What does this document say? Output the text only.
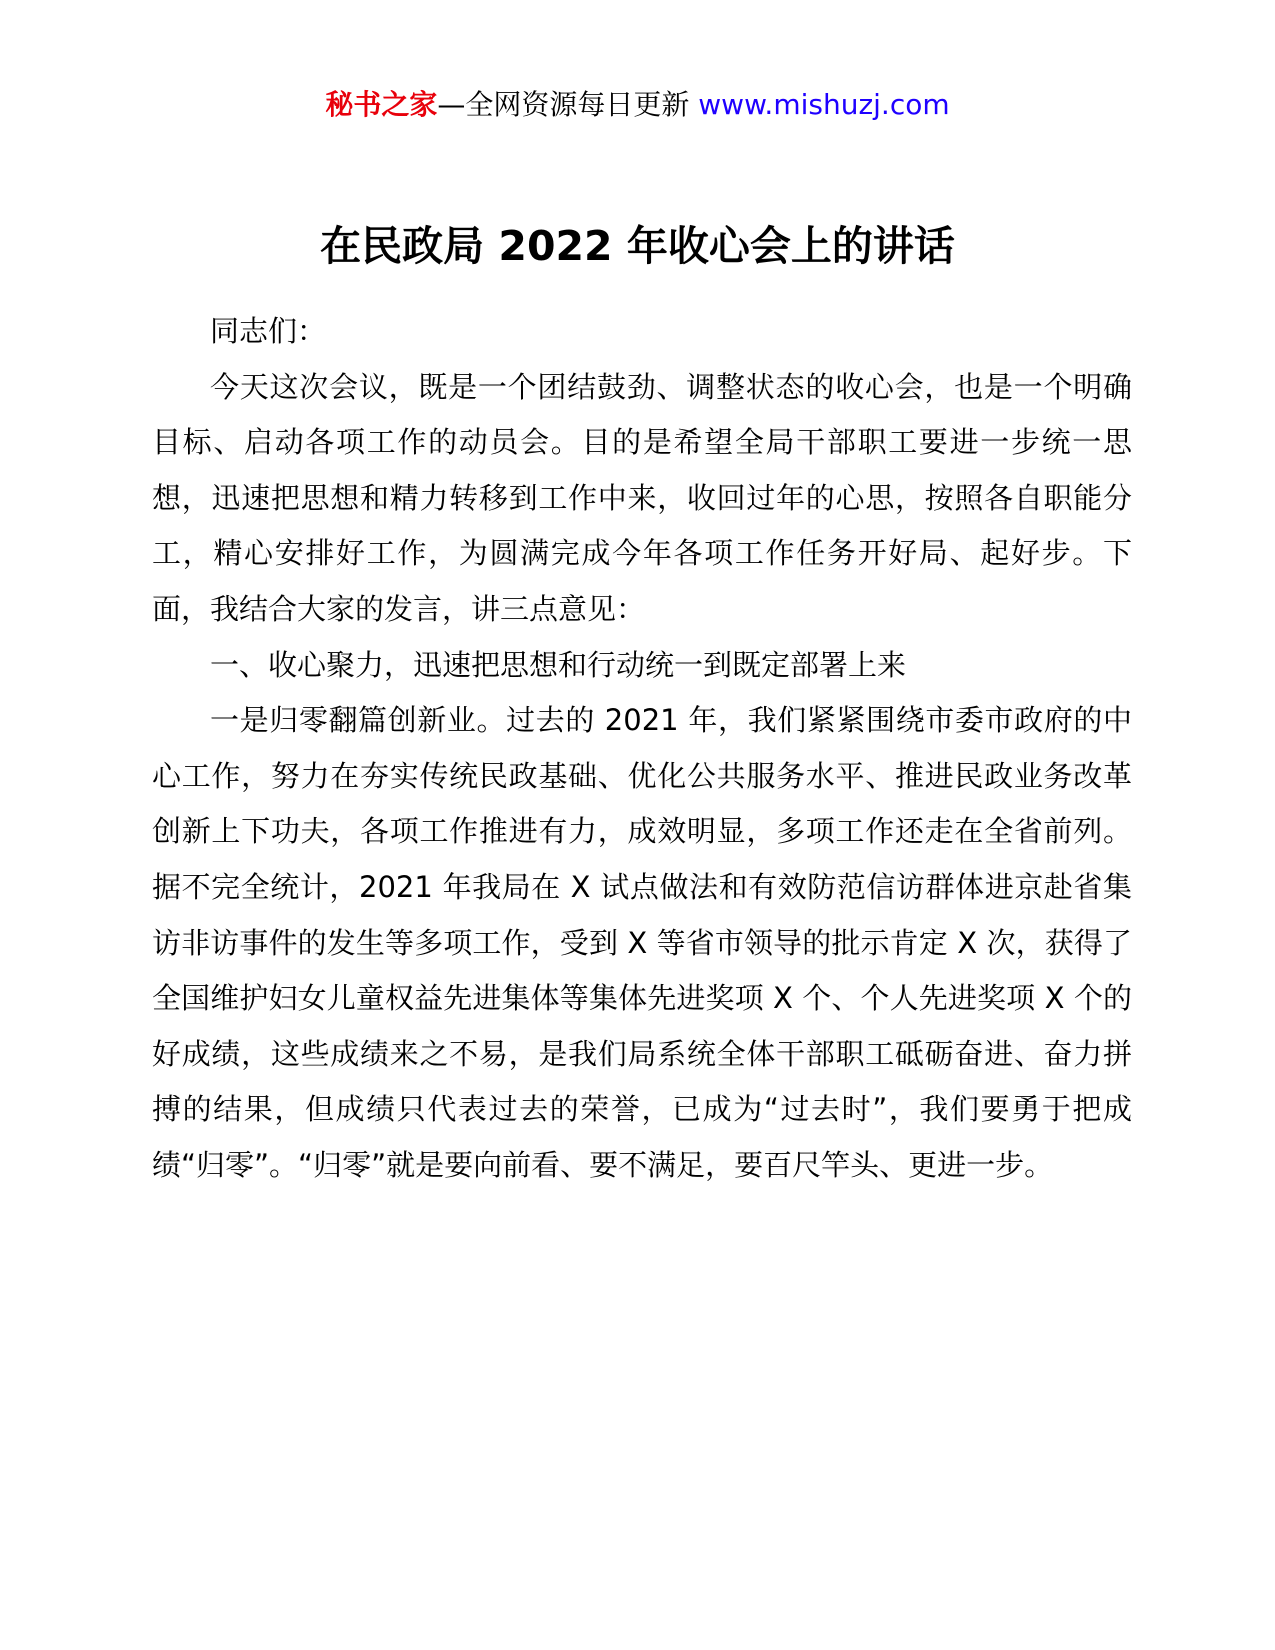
秘书之家—全网资源每日更新 www.mishuzj.com
在民政局 2022 年收心会上的讲话

同志们：

今天这次会议，既是一个团结鼓劲、调整状态的收心会，也是一个明确目标、启动各项工作的动员会。目的是希望全局干部职工要进一步统一思想，迅速把思想和精力转移到工作中来，收回过年的心思，按照各自职能分工，精心安排好工作，为圆满完成今年各项工作任务开好局、起好步。下面，我结合大家的发言，讲三点意见：

一、收心聚力，迅速把思想和行动统一到既定部署上来

一是归零翻篇创新业。过去的 2021 年，我们紧紧围绕市委市政府的中心工作，努力在夯实传统民政基础、优化公共服务水平、推进民政业务改革创新上下功夫，各项工作推进有力，成效明显，多项工作还走在全省前列。据不完全统计，2021 年我局在 X 试点做法和有效防范信访群体进京赴省集访非访事件的发生等多项工作，受到 X 等省市领导的批示肯定 X 次，获得了全国维护妇女儿童权益先进集体等集体先进奖项 X 个、个人先进奖项 X 个的好成绩，这些成绩来之不易，是我们局系统全体干部职工砥砺奋进、奋力拼搏的结果，但成绩只代表过去的荣誉，已成为“过去时”，我们要勇于把成绩“归零”。“归零”就是要向前看、要不满足，要百尺竿头、更进一步。
